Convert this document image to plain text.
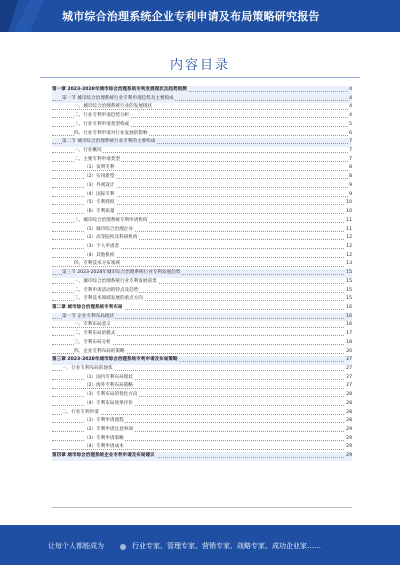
城市综合治理系统企业专利申请及布局策略研究报告
内容目录
第一章 2023-2028年城市综合治理系统专利发展现状及趋势预测	4
第一节 城市综合治理系统行业专利申请趋势及主要构成	4
一、城市综合治理系统行业的发展现状	4
二、行业专利申请趋势分析	4
三、行业专利申请类型构成	5
四、行业专利申请对行业发展的影响	6
第二节 城市综合治理系统行业专利的主要构成	7
一、行业概况	7
二、主要专利申请类型	7
（1）发明专利	8
（2）实用新型	8
（3）外观设计	9
（4）国际专利	9
（5）专利授权	10
（6）专利质量	10
三、城市综合治理系统专利申请机构	11
（1）城市综合治理企业	11
（2）高等院校及科研机构	12
（3）个人申请者	12
（4）其他机构	12
四、专利技术分布领域	13
第三节 2023-2028年城市综合治理系统行业专利发展趋势	15
一、城市综合治理系统行业专利发展前景	15
二、专利申请活动的特点及趋势	15
三、专利技术领域发展的重点方向	15
第二章 城市综合治理系统专利布局	16
第一节 企业专利布局现状	16
一、专利布局意义	16
二、专利布局的模式	17
三、专利布局分析	18
四、企业专利布局的策略	20
第三章 2023-2028年城市综合治理系统专利申请及布局策略	27
一、行业专利布局的现状	27
（1）国内专利布局现状	27
（2）海外专利布局策略	27
（3）专利布局的优化方向	28
（4）专利布局效果评价	28
二、行业专利申请	28
（1）专利申请流程	28
（2）专利申请注意事项	29
（3）专利申请策略	29
（4）专利申请成本	29
第四章 城市综合治理系统企业专利申请及布局建议	29
让每个人都能成为	行业专家、管理专家、营销专家、战略专家、成功企业家……
